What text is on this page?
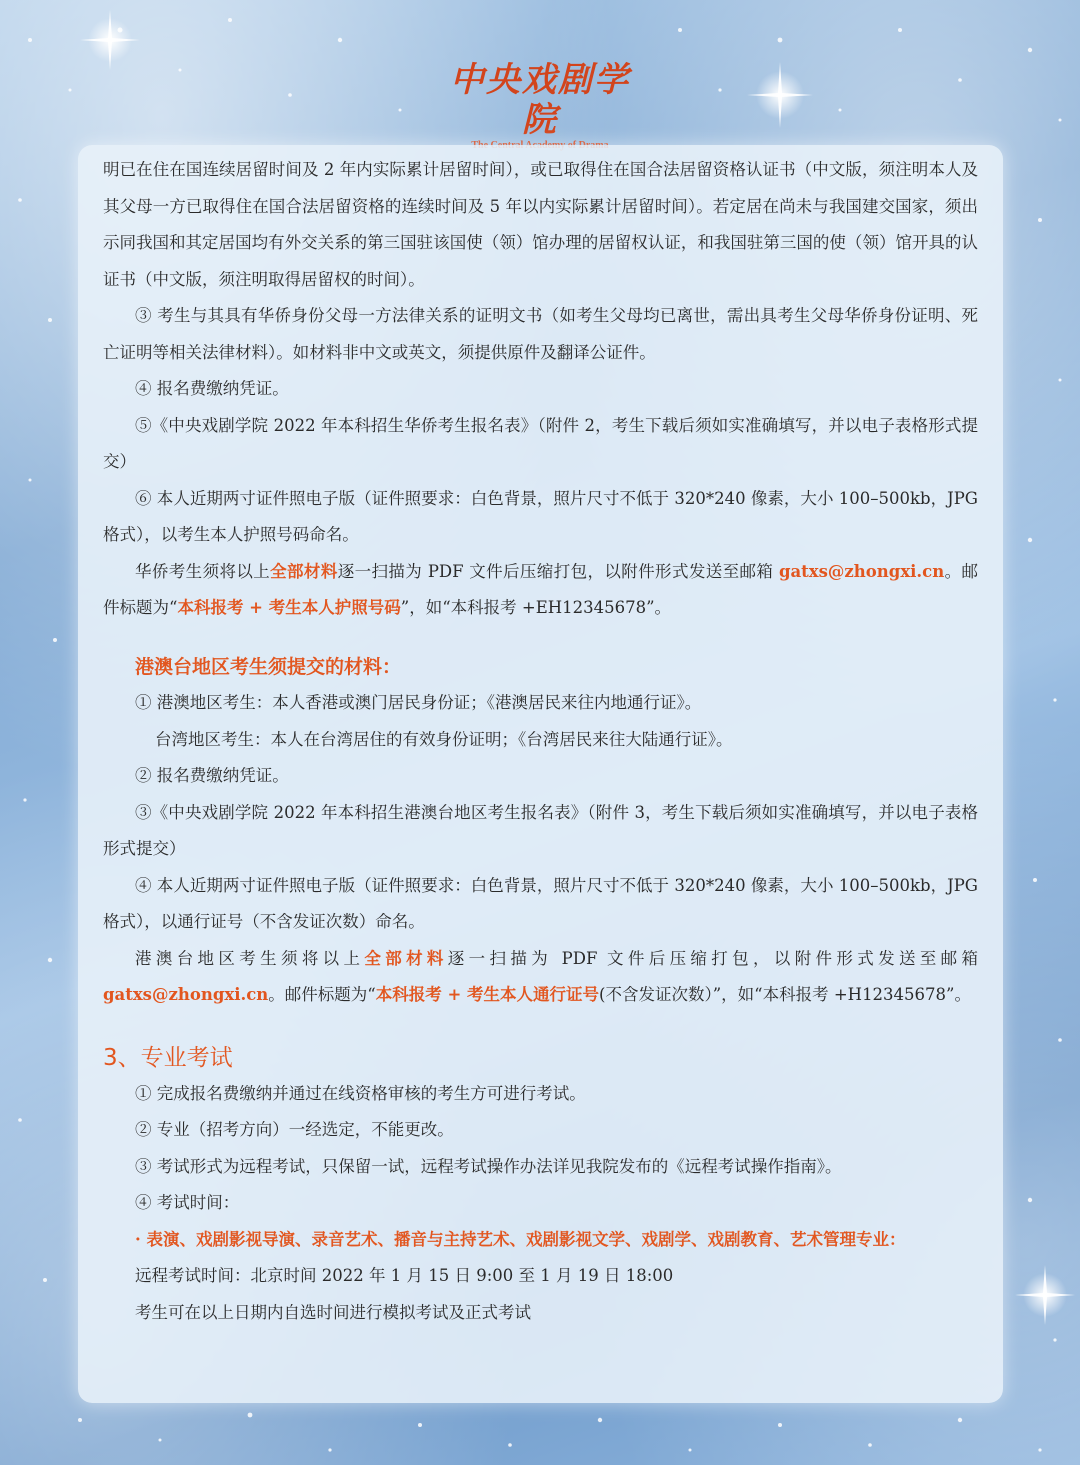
中央戏剧学院

明已在住在国连续居留时间及 2 年内实际累计居留时间），或已取得住在国合法居留资格认证书（中文版，须注明本人及其父母一方已取得住在国合法居留资格的连续时间及 5 年以内实际累计居留时间）。若定居在尚未与我国建交国家，须出示同我国和其定居国均有外交关系的第三国驻该国使（领）馆办理的居留权认证，和我国驻第三国的使（领）馆开具的认证书（中文版，须注明取得居留权的时间）。

③ 考生与其具有华侨身份父母一方法律关系的证明文书（如考生父母均已离世，需出具考生父母华侨身份证明、死亡证明等相关法律材料）。如材料非中文或英文，须提供原件及翻译公证件。

④ 报名费缴纳凭证。

⑤《中央戏剧学院 2022 年本科招生华侨考生报名表》（附件 2，考生下载后须如实准确填写，并以电子表格形式提交）

⑥ 本人近期两寸证件照电子版（证件照要求：白色背景，照片尺寸不低于 320*240 像素，大小 100–500kb，JPG 格式），以考生本人护照号码命名。

华侨考生须将以上全部材料逐一扫描为 PDF 文件后压缩打包，以附件形式发送至邮箱 gatxs@zhongxi.cn。邮件标题为“本科报考 + 考生本人护照号码”，如“本科报考 +EH12345678”。

港澳台地区考生须提交的材料：

① 港澳地区考生：本人香港或澳门居民身份证；《港澳居民来往内地通行证》。

台湾地区考生：本人在台湾居住的有效身份证明；《台湾居民来往大陆通行证》。

② 报名费缴纳凭证。

③《中央戏剧学院 2022 年本科招生港澳台地区考生报名表》（附件 3，考生下载后须如实准确填写，并以电子表格形式提交）

④ 本人近期两寸证件照电子版（证件照要求：白色背景，照片尺寸不低于 320*240 像素，大小 100–500kb，JPG 格式），以通行证号（不含发证次数）命名。

港澳台地区考生须将以上全部材料逐一扫描为 PDF 文件后压缩打包，以附件形式发送至邮箱 gatxs@zhongxi.cn。邮件标题为“本科报考 + 考生本人通行证号(不含发证次数）”，如“本科报考 +H12345678”。

3、专业考试

① 完成报名费缴纳并通过在线资格审核的考生方可进行考试。

② 专业（招考方向）一经选定，不能更改。

③ 考试形式为远程考试，只保留一试，远程考试操作办法详见我院发布的《远程考试操作指南》。

④ 考试时间：

· 表演、戏剧影视导演、录音艺术、播音与主持艺术、戏剧影视文学、戏剧学、戏剧教育、艺术管理专业：

远程考试时间：北京时间 2022 年 1 月 15 日 9:00 至 1 月 19 日 18:00

考生可在以上日期内自选时间进行模拟考试及正式考试
